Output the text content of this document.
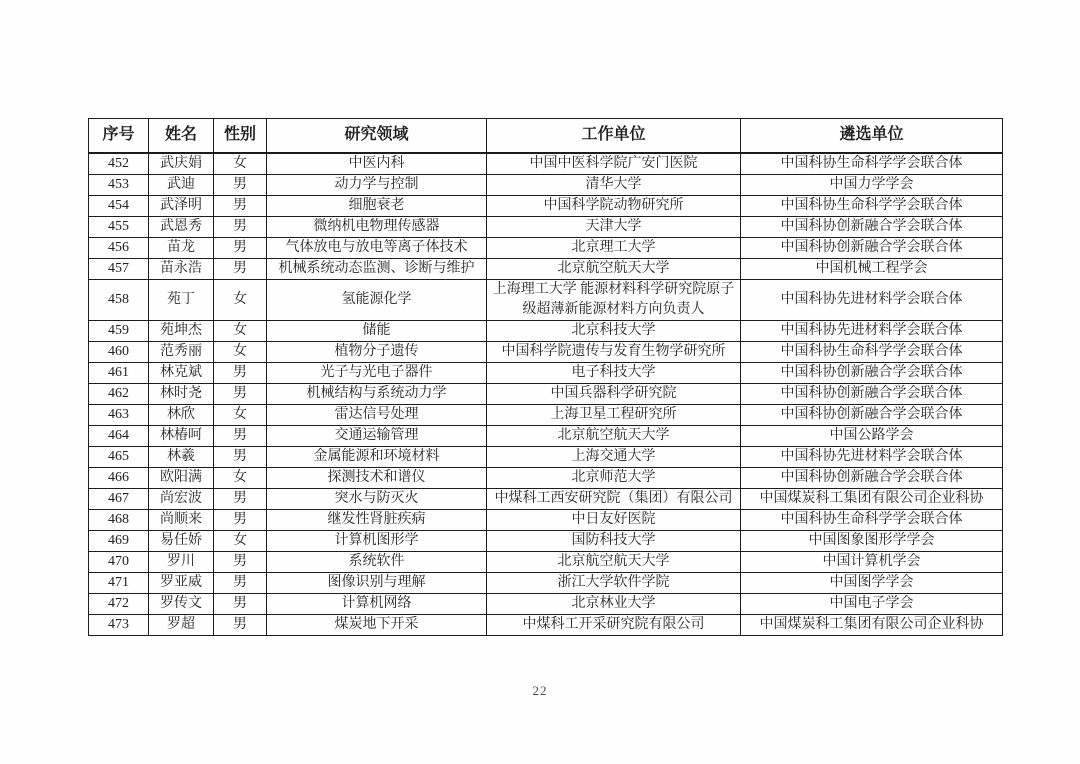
序号	姓名	性别	研究领域	工作单位	遴选单位
452	武庆娟	女	中医内科	中国中医科学院广安门医院	中国科协生命科学学会联合体
453	武迪	男	动力学与控制	清华大学	中国力学学会
454	武泽明	男	细胞衰老	中国科学院动物研究所	中国科协生命科学学会联合体
455	武恩秀	男	微纳机电物理传感器	天津大学	中国科协创新融合学会联合体
456	苗龙	男	气体放电与放电等离子体技术	北京理工大学	中国科协创新融合学会联合体
457	苗永浩	男	机械系统动态监测、诊断与维护	北京航空航天大学	中国机械工程学会
458	苑丁	女	氢能源化学	上海理工大学 能源材料科学研究院原子级超薄新能源材料方向负责人	中国科协先进材料学会联合体
459	苑坤杰	女	储能	北京科技大学	中国科协先进材料学会联合体
460	范秀丽	女	植物分子遗传	中国科学院遗传与发育生物学研究所	中国科协生命科学学会联合体
461	林克斌	男	光子与光电子器件	电子科技大学	中国科协创新融合学会联合体
462	林时尧	男	机械结构与系统动力学	中国兵器科学研究院	中国科协创新融合学会联合体
463	林欣	女	雷达信号处理	上海卫星工程研究所	中国科协创新融合学会联合体
464	林椿呵	男	交通运输管理	北京航空航天大学	中国公路学会
465	林羲	男	金属能源和环境材料	上海交通大学	中国科协先进材料学会联合体
466	欧阳满	女	探测技术和谱仪	北京师范大学	中国科协创新融合学会联合体
467	尚宏波	男	突水与防灭火	中煤科工西安研究院（集团）有限公司	中国煤炭科工集团有限公司企业科协
468	尚顺来	男	继发性肾脏疾病	中日友好医院	中国科协生命科学学会联合体
469	易任娇	女	计算机图形学	国防科技大学	中国图象图形学学会
470	罗川	男	系统软件	北京航空航天大学	中国计算机学会
471	罗亚威	男	图像识别与理解	浙江大学软件学院	中国图学学会
472	罗传文	男	计算机网络	北京林业大学	中国电子学会
473	罗超	男	煤炭地下开采	中煤科工开采研究院有限公司	中国煤炭科工集团有限公司企业科协
22
